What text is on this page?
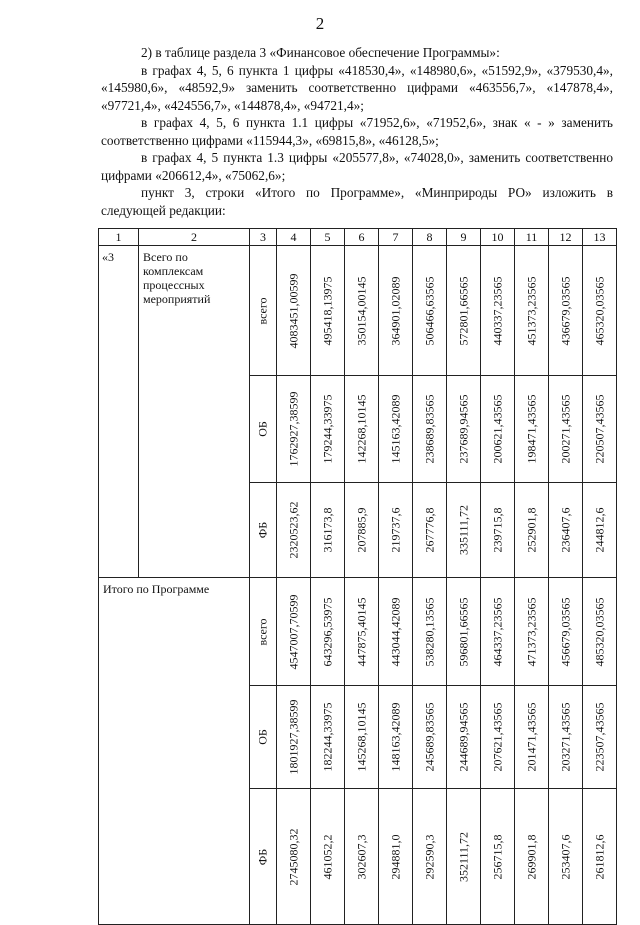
2

2) в таблице раздела 3 «Финансовое обеспечение Программы»:

в графах 4, 5, 6 пункта 1 цифры «418530,4», «148980,6», «51592,9», «379530,4», «145980,6», «48592,9» заменить соответственно цифрами «463556,7», «147878,4», «97721,4», «424556,7», «144878,4», «94721,4»;

в графах 4, 5, 6 пункта 1.1 цифры «71952,6», «71952,6», знак « - » заменить соответственно цифрами «115944,3», «69815,8», «46128,5»;

в графах 4, 5 пункта 1.3 цифры «205577,8», «74028,0», заменить соответственно цифрами «206612,4», «75062,6»;

пункт 3, строки «Итого по Программе», «Минприроды РО» изложить в следующей редакции:

1	2	3	4	5	6	7	8	9	10	11	12	13
«3	Всего по комплексам процессных мероприятий	всего	4083451,00599	495418,13975	350154,00145	364901,02089	506466,63565	572801,66565	440337,23565	451373,23565	436679,03565	465320,03565

		ОБ	1762927,38599	179244,33975	142268,10145	145163,42089	238689,83565	237689,94565	200621,43565	198471,43565	200271,43565	220507,43565

		ФБ	2320523,62	316173,8	207885,9	219737,6	267776,8	335111,72	239715,8	252901,8	236407,6	244812,6

Итого по Программе		всего	4547007,70599	643296,53975	447875,40145	443044,42089	538280,13565	596801,66565	464337,23565	471373,23565	456679,03565	485320,03565

		ОБ	1801927,38599	182244,33975	145268,10145	148163,42089	245689,83565	244689,94565	207621,43565	201471,43565	203271,43565	223507,43565

		ФБ	2745080,32	461052,2	302607,3	294881,0	292590,3	352111,72	256715,8	269901,8	253407,6	261812,6
